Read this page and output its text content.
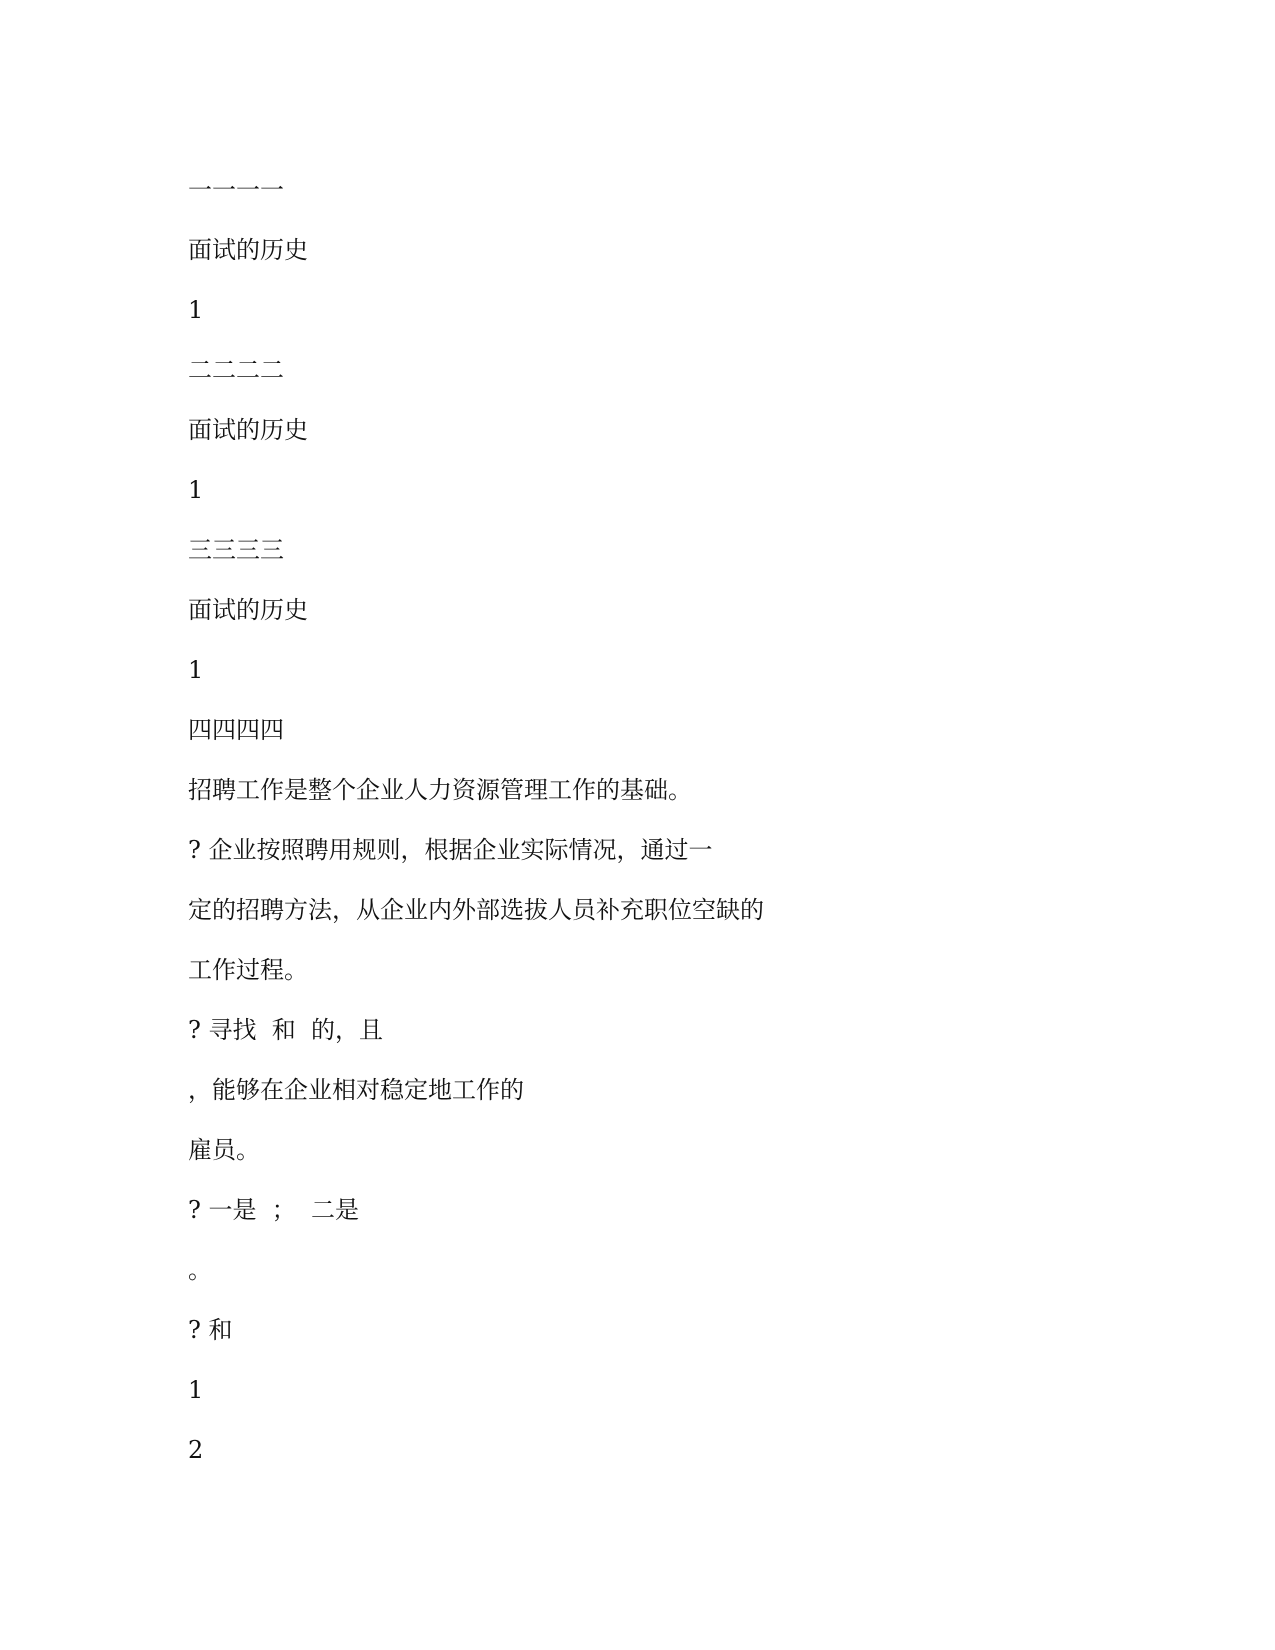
一一一一
面试的历史
1
二二二二
面试的历史
1
三三三三
面试的历史
1
四四四四
招聘工作是整个企业人力资源管理工作的基础。
? 企业按照聘用规则，根据企业实际情况，通过一
定的招聘方法，从企业内外部选拔人员补充职位空缺的
工作过程。
? 寻找  和  的，且
，能够在企业相对稳定地工作的
雇员。
? 一是  ；  二是
。
? 和
1
2
